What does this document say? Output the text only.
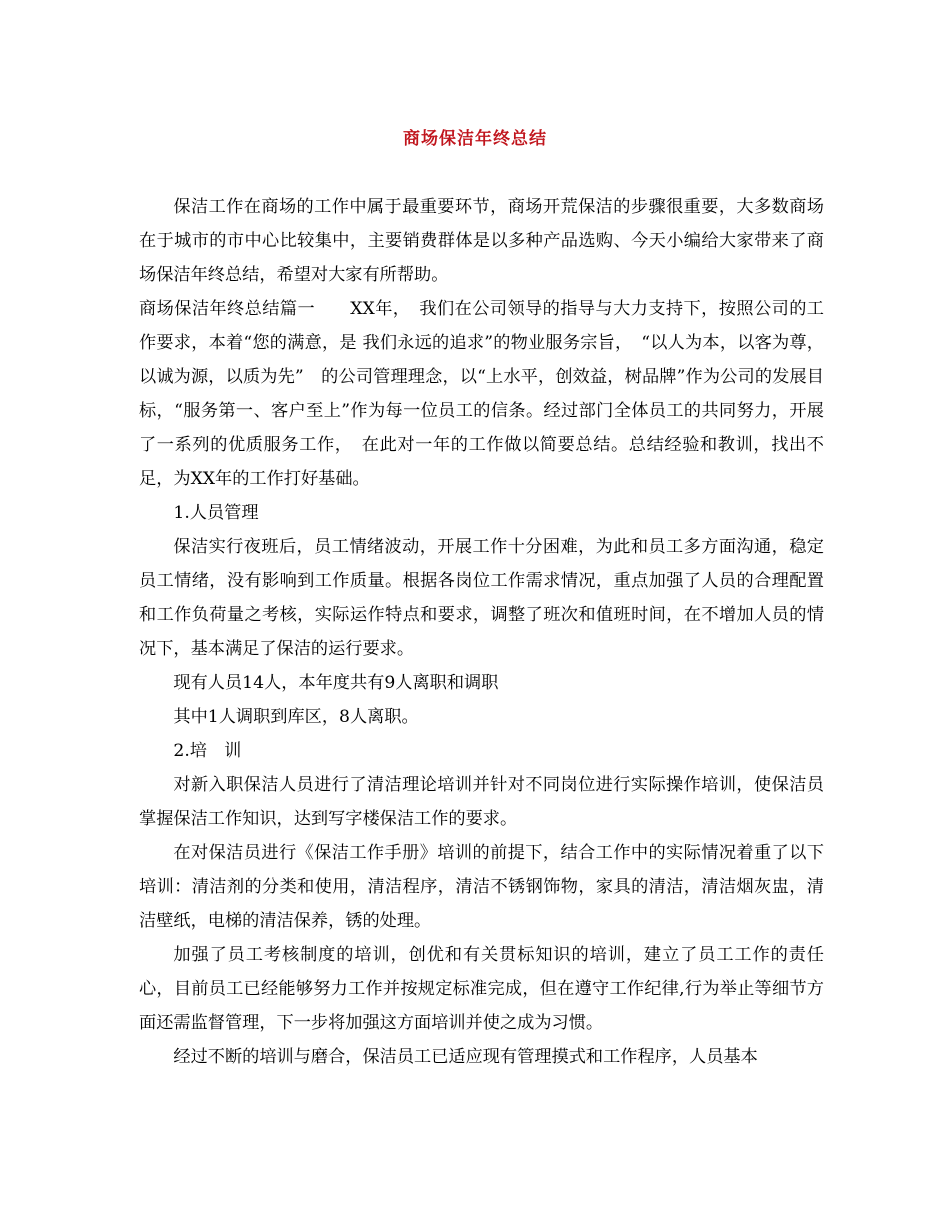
商场保洁年终总结

保洁工作在商场的工作中属于最重要环节，商场开荒保洁的步骤很重要，大多数商场在于城市的市中心比较集中，主要销费群体是以多种产品选购、今天小编给大家带来了商场保洁年终总结，希望对大家有所帮助。

商场保洁年终总结篇一　　XX年，　我们在公司领导的指导与大力支持下，按照公司的工作要求，本着“您的满意，是 我们永远的追求”的物业服务宗旨，　“以人为本，以客为尊，以诚为源，以质为先”　的公司管理理念，以“上水平，创效益，树品牌”作为公司的发展目标，“服务第一、客户至上”作为每一位员工的信条。经过部门全体员工的共同努力，开展了一系列的优质服务工作，　在此对一年的工作做以简要总结。总结经验和教训，找出不足，为XX年的工作打好基础。

1.人员管理

保洁实行夜班后，员工情绪波动，开展工作十分困难，为此和员工多方面沟通，稳定员工情绪，没有影响到工作质量。根据各岗位工作需求情况，重点加强了人员的合理配置和工作负荷量之考核，实际运作特点和要求，调整了班次和值班时间，在不增加人员的情况下，基本满足了保洁的运行要求。

现有人员14人，本年度共有9人离职和调职

其中1人调职到库区，8人离职。

2.培　训

对新入职保洁人员进行了清洁理论培训并针对不同岗位进行实际操作培训，使保洁员掌握保洁工作知识，达到写字楼保洁工作的要求。

在对保洁员进行《保洁工作手册》培训的前提下，结合工作中的实际情况着重了以下培训：清洁剂的分类和使用，清洁程序，清洁不锈钢饰物，家具的清洁，清洁烟灰盅，清洁壁纸，电梯的清洁保养，锈的处理。

加强了员工考核制度的培训，创优和有关贯标知识的培训，建立了员工工作的责任心，目前员工已经能够努力工作并按规定标准完成，但在遵守工作纪律,行为举止等细节方面还需监督管理，下一步将加强这方面培训并使之成为习惯。

经过不断的培训与磨合，保洁员工已适应现有管理摸式和工作程序，人员基本
